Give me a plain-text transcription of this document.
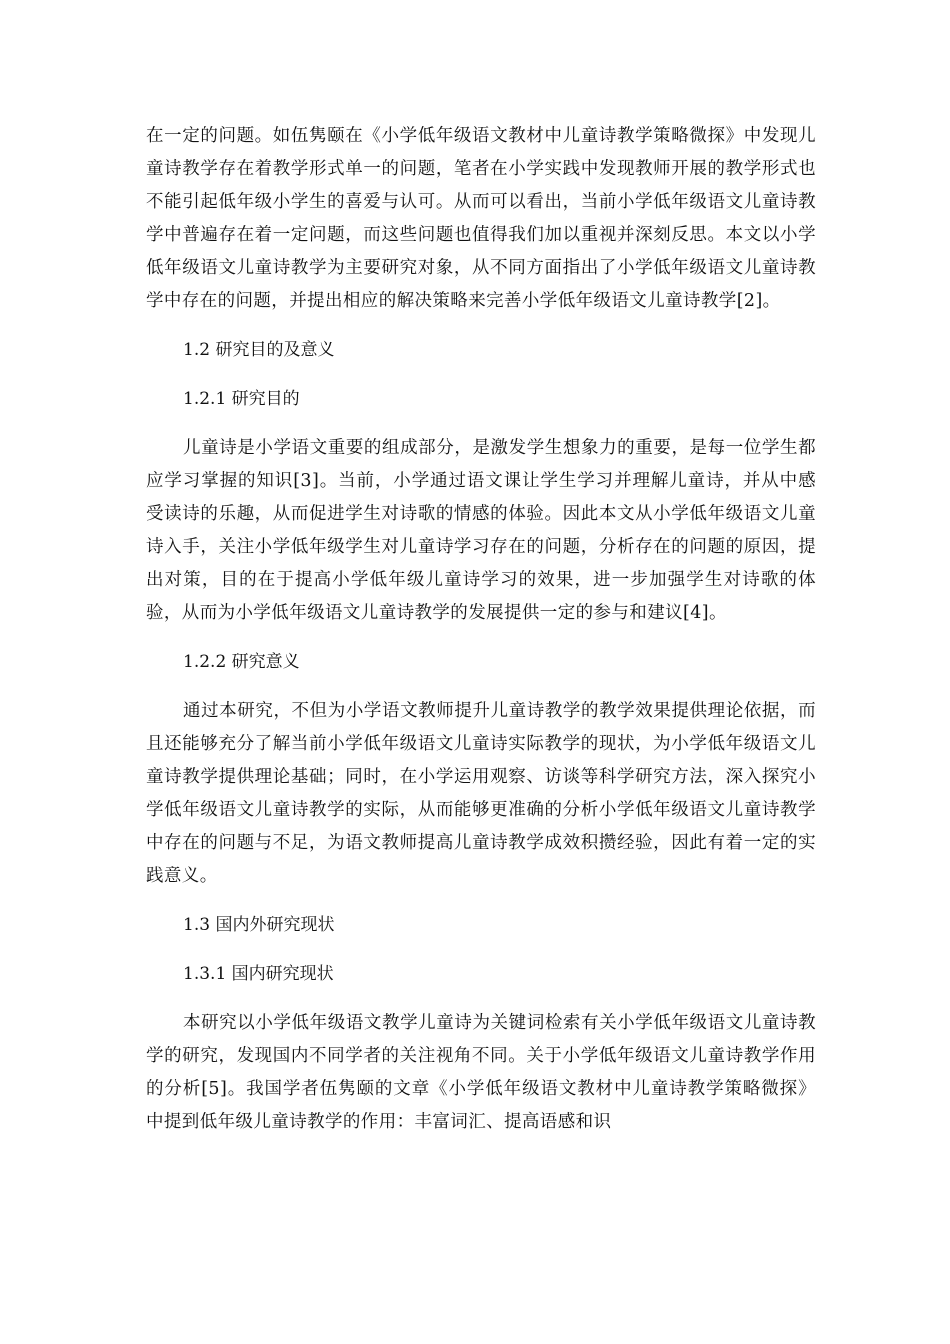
在一定的问题。如伍隽颐在《小学低年级语文教材中儿童诗教学策略微探》中发现儿童诗教学存在着教学形式单一的问题，笔者在小学实践中发现教师开展的教学形式也不能引起低年级小学生的喜爱与认可。从而可以看出，当前小学低年级语文儿童诗教学中普遍存在着一定问题，而这些问题也值得我们加以重视并深刻反思。本文以小学低年级语文儿童诗教学为主要研究对象，从不同方面指出了小学低年级语文儿童诗教学中存在的问题，并提出相应的解决策略来完善小学低年级语文儿童诗教学[2]。

1.2 研究目的及意义

1.2.1 研究目的

儿童诗是小学语文重要的组成部分，是激发学生想象力的重要，是每一位学生都应学习掌握的知识[3]。当前，小学通过语文课让学生学习并理解儿童诗，并从中感受读诗的乐趣，从而促进学生对诗歌的情感的体验。因此本文从小学低年级语文儿童诗入手，关注小学低年级学生对儿童诗学习存在的问题，分析存在的问题的原因，提出对策，目的在于提高小学低年级儿童诗学习的效果，进一步加强学生对诗歌的体验，从而为小学低年级语文儿童诗教学的发展提供一定的参与和建议[4]。

1.2.2 研究意义

通过本研究，不但为小学语文教师提升儿童诗教学的教学效果提供理论依据，而且还能够充分了解当前小学低年级语文儿童诗实际教学的现状，为小学低年级语文儿童诗教学提供理论基础；同时，在小学运用观察、访谈等科学研究方法，深入探究小学低年级语文儿童诗教学的实际，从而能够更准确的分析小学低年级语文儿童诗教学中存在的问题与不足，为语文教师提高儿童诗教学成效积攒经验，因此有着一定的实践意义。

1.3 国内外研究现状

1.3.1 国内研究现状

本研究以小学低年级语文教学儿童诗为关键词检索有关小学低年级语文儿童诗教学的研究，发现国内不同学者的关注视角不同。关于小学低年级语文儿童诗教学作用的分析[5]。我国学者伍隽颐的文章《小学低年级语文教材中儿童诗教学策略微探》中提到低年级儿童诗教学的作用：丰富词汇、提高语感和识
